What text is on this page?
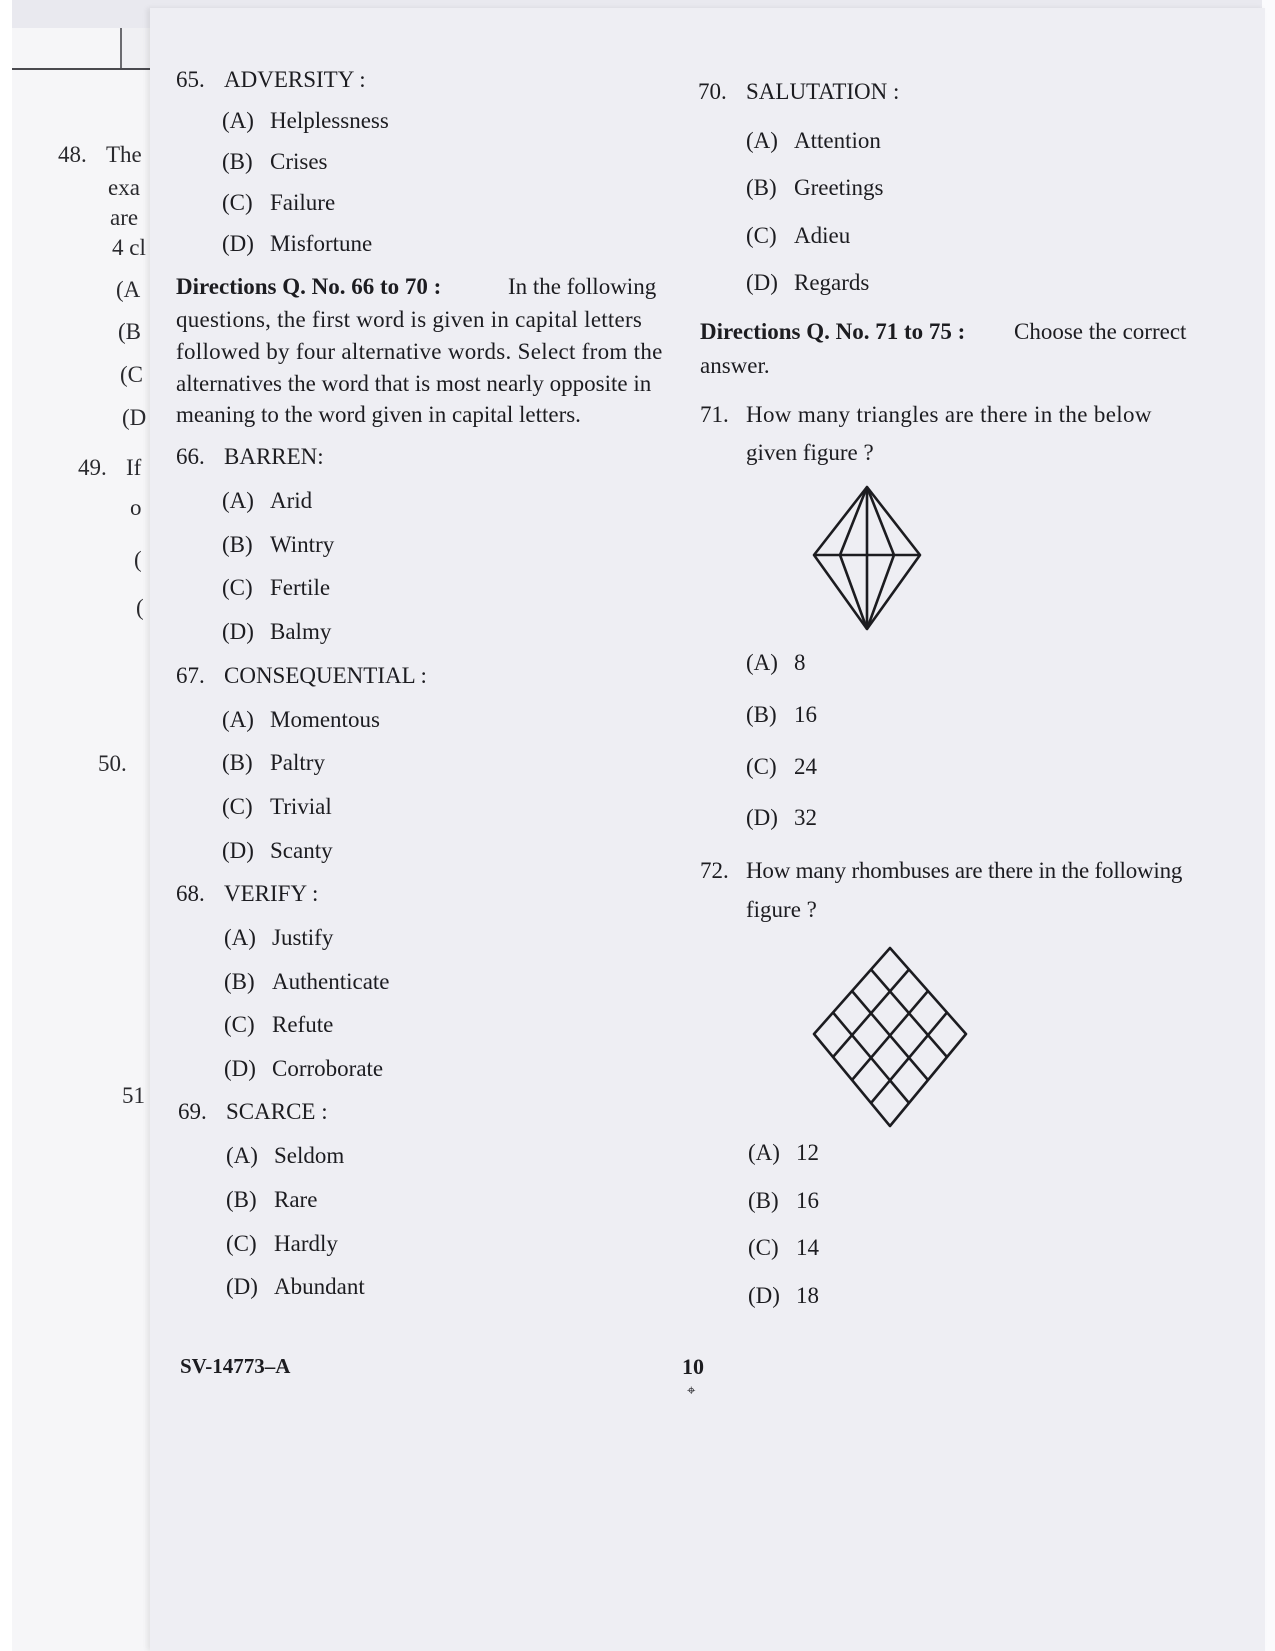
48. The
exa
are
4 cl
(A
(B
(C
(D
49. If
o
(
(
50.
51
65. ADVERSITY :
(A) Helplessness
(B) Crises
(C) Failure
(D) Misfortune
Directions Q. No. 66 to 70 :	In the following
questions, the first word is given in capital letters
followed by four alternative words. Select from the
alternatives the word that is most nearly opposite in
meaning to the word given in capital letters.
66. BARREN:
(A) Arid
(B) Wintry
(C) Fertile
(D) Balmy
67. CONSEQUENTIAL :
(A) Momentous
(B) Paltry
(C) Trivial
(D) Scanty
68. VERIFY :
(A) Justify
(B) Authenticate
(C) Refute
(D) Corroborate
69. SCARCE :
(A) Seldom
(B) Rare
(C) Hardly
(D) Abundant
70. SALUTATION :
(A) Attention
(B) Greetings
(C) Adieu
(D) Regards
Directions Q. No. 71 to 75 : Choose the correct
answer.
71. How many triangles are there in the below
given figure ?
(A) 8
(B) 16
(C) 24
(D) 32
72. How many rhombuses are there in the following
figure ?
(A) 12
(B) 16
(C) 14
(D) 18
SV-14773–A	10
⌖
